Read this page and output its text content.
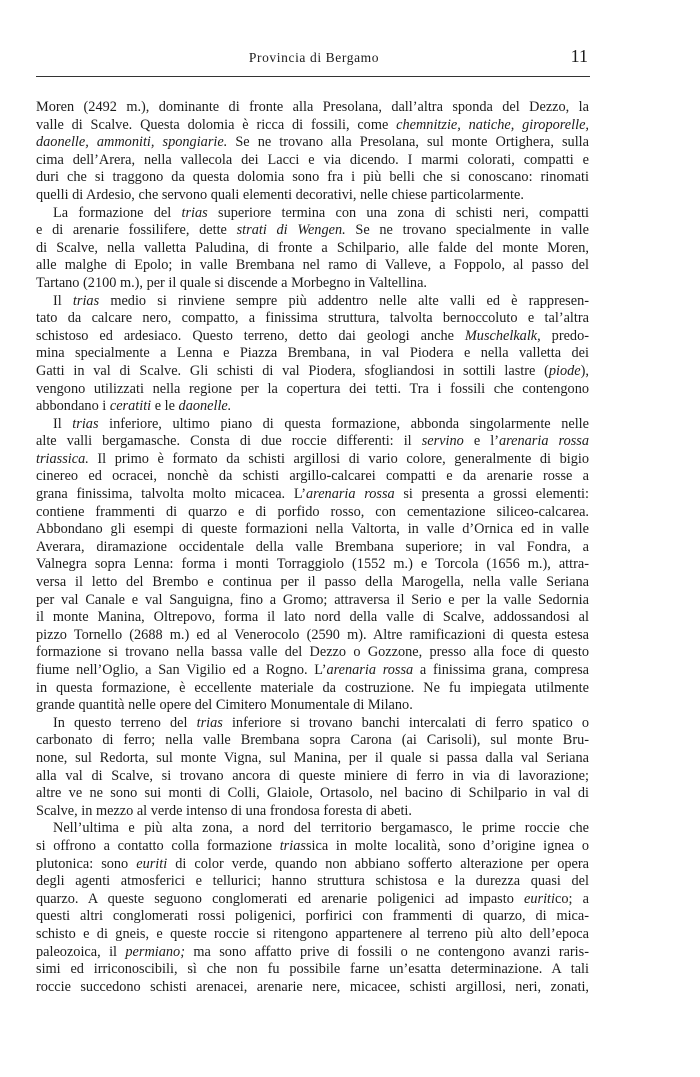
Provincia di Bergamo	11
Moren (2492 m.), dominante di fronte alla Presolana, dall’altra sponda del Dezzo, la
valle di Scalve. Questa dolomia è ricca di fossili, come chemnitzie, natiche, giroporelle,
daonelle, ammoniti, spongiarie. Se ne trovano alla Presolana, sul monte Ortighera, sulla
cima dell’Arera, nella vallecola dei Lacci e via dicendo. I marmi colorati, compatti e
duri che si traggono da questa dolomia sono fra i più belli che si conoscano: rinomati
quelli di Ardesio, che servono quali elementi decorativi, nelle chiese particolarmente.
La formazione del trias superiore termina con una zona di schisti neri, compatti
e di arenarie fossilifere, dette strati di Wengen. Se ne trovano specialmente in valle
di Scalve, nella valletta Paludina, di fronte a Schilpario, alle falde del monte Moren,
alle malghe di Epolo; in valle Brembana nel ramo di Valleve, a Foppolo, al passo del
Tartano (2100 m.), per il quale si discende a Morbegno in Valtellina.
Il trias medio si rinviene sempre più addentro nelle alte valli ed è rappresen-
tato da calcare nero, compatto, a finissima struttura, talvolta bernoccoluto e tal’altra
schistoso ed ardesiaco. Questo terreno, detto dai geologi anche Muschelkalk, predo-
mina specialmente a Lenna e Piazza Brembana, in val Piodera e nella valletta dei
Gatti in val di Scalve. Gli schisti di val Piodera, sfogliandosi in sottili lastre (piode),
vengono utilizzati nella regione per la copertura dei tetti. Tra i fossili che contengono
abbondano i ceratiti e le daonelle.
Il trias inferiore, ultimo piano di questa formazione, abbonda singolarmente nelle
alte valli bergamasche. Consta di due roccie differenti: il servino e l’arenaria rossa
triassica. Il primo è formato da schisti argillosi di vario colore, generalmente di bigio
cinereo ed ocracei, nonchè da schisti argillo-calcarei compatti e da arenarie rosse a
grana finissima, talvolta molto micacea. L’arenaria rossa si presenta a grossi elementi:
contiene frammenti di quarzo e di porfido rosso, con cementazione siliceo-calcarea.
Abbondano gli esempi di queste formazioni nella Valtorta, in valle d’Ornica ed in valle
Averara, diramazione occidentale della valle Brembana superiore; in val Fondra, a
Valnegra sopra Lenna: forma i monti Torraggiolo (1552 m.) e Torcola (1656 m.), attra-
versa il letto del Brembo e continua per il passo della Marogella, nella valle Seriana
per val Canale e val Sanguigna, fino a Gromo; attraversa il Serio e per la valle Sedornia
il monte Manina, Oltrepovo, forma il lato nord della valle di Scalve, addossandosi al
pizzo Tornello (2688 m.) ed al Venerocolo (2590 m). Altre ramificazioni di questa estesa
formazione si trovano nella bassa valle del Dezzo o Gozzone, presso alla foce di questo
fiume nell’Oglio, a San Vigilio ed a Rogno. L’arenaria rossa a finissima grana, compresa
in questa formazione, è eccellente materiale da costruzione. Ne fu impiegata utilmente
grande quantità nelle opere del Cimitero Monumentale di Milano.
In questo terreno del trias inferiore si trovano banchi intercalati di ferro spatico o
carbonato di ferro; nella valle Brembana sopra Carona (ai Carisoli), sul monte Bru-
none, sul Redorta, sul monte Vigna, sul Manina, per il quale si passa dalla val Seriana
alla val di Scalve, si trovano ancora di queste miniere di ferro in via di lavorazione;
altre ve ne sono sui monti di Colli, Glaiole, Ortasolo, nel bacino di Schilpario in val di
Scalve, in mezzo al verde intenso di una frondosa foresta di abeti.
Nell’ultima e più alta zona, a nord del territorio bergamasco, le prime roccie che
si offrono a contatto colla formazione triassica in molte località, sono d’origine ignea o
plutonica: sono euriti di color verde, quando non abbiano sofferto alterazione per opera
degli agenti atmosferici e tellurici; hanno struttura schistosa e la durezza quasi del
quarzo. A queste seguono conglomerati ed arenarie poligenici ad impasto euritico; a
questi altri conglomerati rossi poligenici, porfirici con frammenti di quarzo, di mica-
schisto e di gneis, e queste roccie si ritengono appartenere al terreno più alto dell’epoca
paleozoica, il permiano; ma sono affatto prive di fossili o ne contengono avanzi raris-
simi ed irriconoscibili, sì che non fu possibile farne un’esatta determinazione. A tali
roccie succedono schisti arenacei, arenarie nere, micacee, schisti argillosi, neri, zonati,
